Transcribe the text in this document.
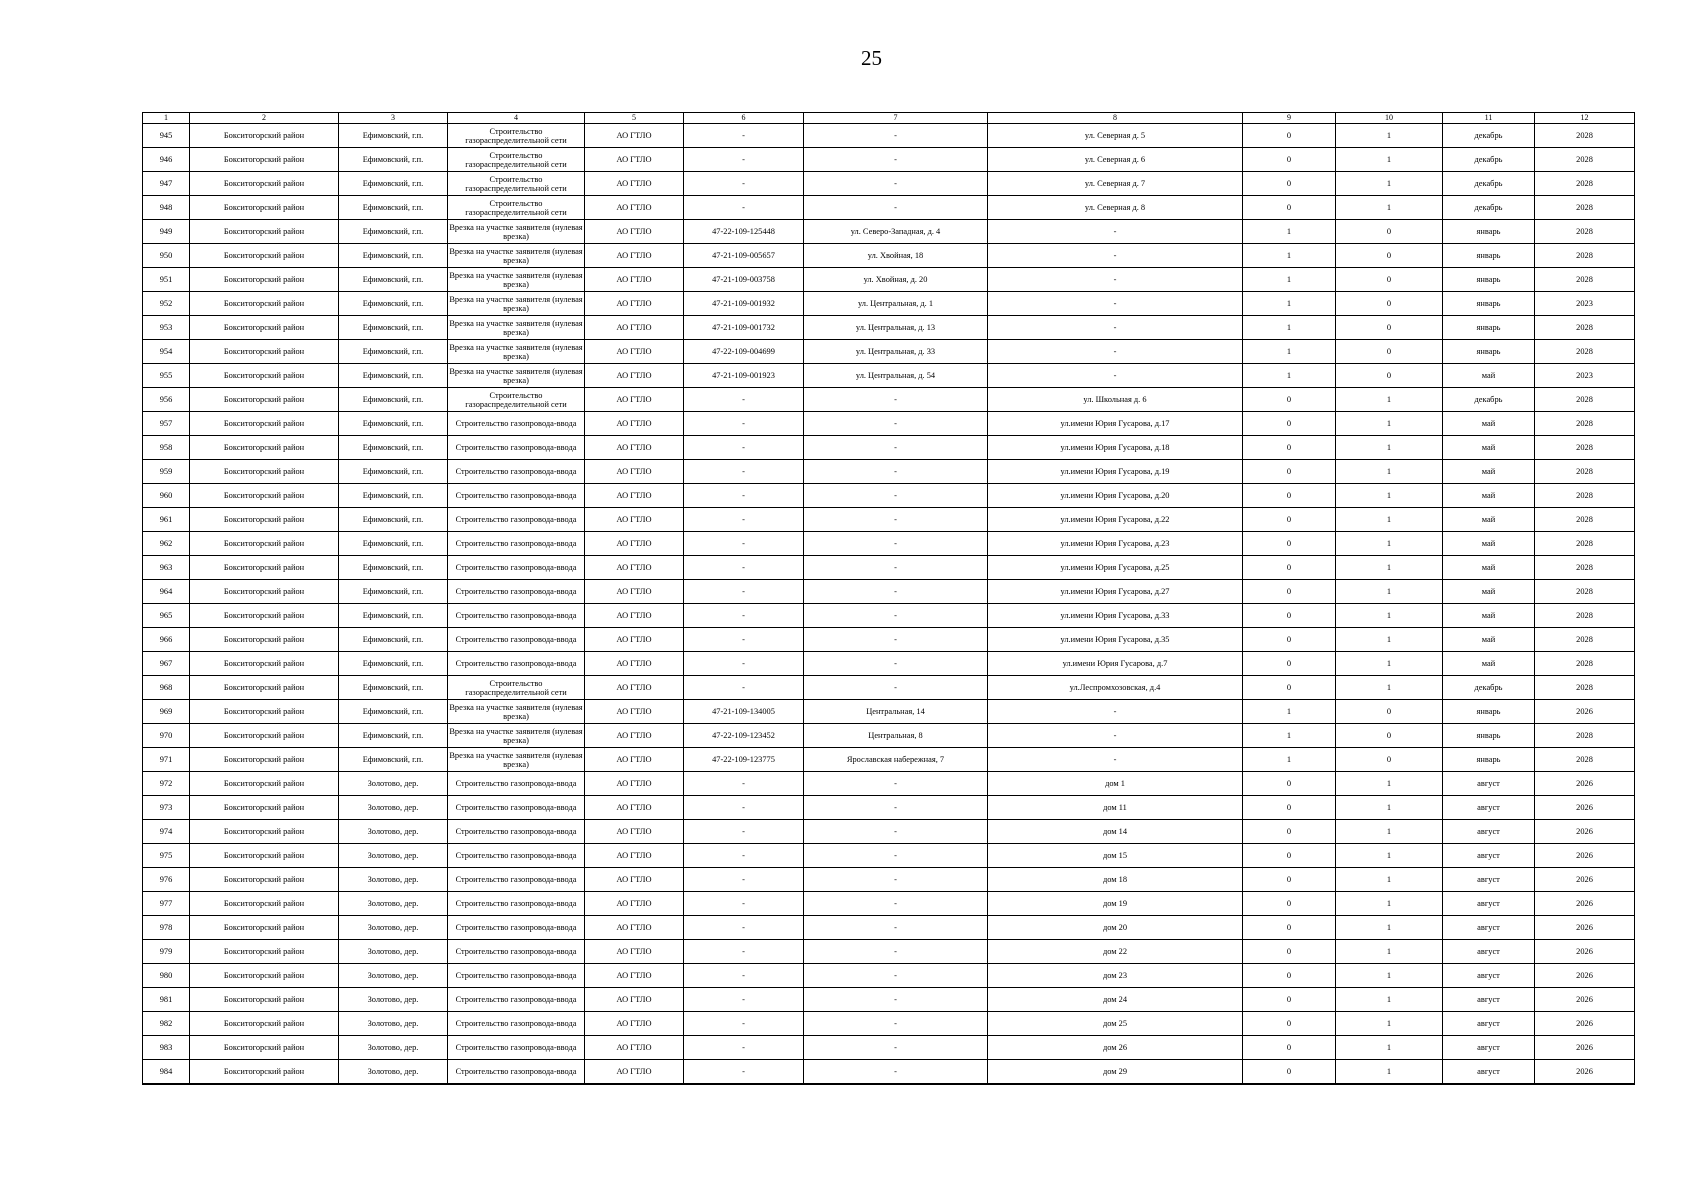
25
1	2	3	4	5	6	7	8	9	10	11	12
945	Бокситогорский район	Ефимовский, г.п.	Строительство газораспределительной сети	АО ГТЛО	-	-	ул. Северная д. 5	0	1	декабрь	2028
946	Бокситогорский район	Ефимовский, г.п.	Строительство газораспределительной сети	АО ГТЛО	-	-	ул. Северная д. 6	0	1	декабрь	2028
947	Бокситогорский район	Ефимовский, г.п.	Строительство газораспределительной сети	АО ГТЛО	-	-	ул. Северная д. 7	0	1	декабрь	2028
948	Бокситогорский район	Ефимовский, г.п.	Строительство газораспределительной сети	АО ГТЛО	-	-	ул. Северная д. 8	0	1	декабрь	2028
949	Бокситогорский район	Ефимовский, г.п.	Врезка на участке заявителя (нулевая врезка)	АО ГТЛО	47-22-109-125448	ул. Северо-Западная, д. 4	-	1	0	январь	2028
950	Бокситогорский район	Ефимовский, г.п.	Врезка на участке заявителя (нулевая врезка)	АО ГТЛО	47-21-109-005657	ул. Хвойная, 18	-	1	0	январь	2028
951	Бокситогорский район	Ефимовский, г.п.	Врезка на участке заявителя (нулевая врезка)	АО ГТЛО	47-21-109-003758	ул. Хвойная, д. 20	-	1	0	январь	2028
952	Бокситогорский район	Ефимовский, г.п.	Врезка на участке заявителя (нулевая врезка)	АО ГТЛО	47-21-109-001932	ул. Центральная, д. 1	-	1	0	январь	2023
953	Бокситогорский район	Ефимовский, г.п.	Врезка на участке заявителя (нулевая врезка)	АО ГТЛО	47-21-109-001732	ул. Центральная, д. 13	-	1	0	январь	2028
954	Бокситогорский район	Ефимовский, г.п.	Врезка на участке заявителя (нулевая врезка)	АО ГТЛО	47-22-109-004699	ул. Центральная, д. 33	-	1	0	январь	2028
955	Бокситогорский район	Ефимовский, г.п.	Врезка на участке заявителя (нулевая врезка)	АО ГТЛО	47-21-109-001923	ул. Центральная, д. 54	-	1	0	май	2023
956	Бокситогорский район	Ефимовский, г.п.	Строительство газораспределительной сети	АО ГТЛО	-	-	ул. Школьная д. 6	0	1	декабрь	2028
957	Бокситогорский район	Ефимовский, г.п.	Строительство газопровода-ввода	АО ГТЛО	-	-	ул.имени Юрия Гусарова, д.17	0	1	май	2028
958	Бокситогорский район	Ефимовский, г.п.	Строительство газопровода-ввода	АО ГТЛО	-	-	ул.имени Юрия Гусарова, д.18	0	1	май	2028
959	Бокситогорский район	Ефимовский, г.п.	Строительство газопровода-ввода	АО ГТЛО	-	-	ул.имени Юрия Гусарова, д.19	0	1	май	2028
960	Бокситогорский район	Ефимовский, г.п.	Строительство газопровода-ввода	АО ГТЛО	-	-	ул.имени Юрия Гусарова, д.20	0	1	май	2028
961	Бокситогорский район	Ефимовский, г.п.	Строительство газопровода-ввода	АО ГТЛО	-	-	ул.имени Юрия Гусарова, д.22	0	1	май	2028
962	Бокситогорский район	Ефимовский, г.п.	Строительство газопровода-ввода	АО ГТЛО	-	-	ул.имени Юрия Гусарова, д.23	0	1	май	2028
963	Бокситогорский район	Ефимовский, г.п.	Строительство газопровода-ввода	АО ГТЛО	-	-	ул.имени Юрия Гусарова, д.25	0	1	май	2028
964	Бокситогорский район	Ефимовский, г.п.	Строительство газопровода-ввода	АО ГТЛО	-	-	ул.имени Юрия Гусарова, д.27	0	1	май	2028
965	Бокситогорский район	Ефимовский, г.п.	Строительство газопровода-ввода	АО ГТЛО	-	-	ул.имени Юрия Гусарова, д.33	0	1	май	2028
966	Бокситогорский район	Ефимовский, г.п.	Строительство газопровода-ввода	АО ГТЛО	-	-	ул.имени Юрия Гусарова, д.35	0	1	май	2028
967	Бокситогорский район	Ефимовский, г.п.	Строительство газопровода-ввода	АО ГТЛО	-	-	ул.имени Юрия Гусарова, д.7	0	1	май	2028
968	Бокситогорский район	Ефимовский, г.п.	Строительство газораспределительной сети	АО ГТЛО	-	-	ул.Леспромхозовская, д.4	0	1	декабрь	2028
969	Бокситогорский район	Ефимовский, г.п.	Врезка на участке заявителя (нулевая врезка)	АО ГТЛО	47-21-109-134005	Центральная, 14	-	1	0	январь	2026
970	Бокситогорский район	Ефимовский, г.п.	Врезка на участке заявителя (нулевая врезка)	АО ГТЛО	47-22-109-123452	Центральная, 8	-	1	0	январь	2028
971	Бокситогорский район	Ефимовский, г.п.	Врезка на участке заявителя (нулевая врезка)	АО ГТЛО	47-22-109-123775	Ярославская набережная, 7	-	1	0	январь	2028
972	Бокситогорский район	Золотово, дер.	Строительство газопровода-ввода	АО ГТЛО	-	-	дом 1	0	1	август	2026
973	Бокситогорский район	Золотово, дер.	Строительство газопровода-ввода	АО ГТЛО	-	-	дом 11	0	1	август	2026
974	Бокситогорский район	Золотово, дер.	Строительство газопровода-ввода	АО ГТЛО	-	-	дом 14	0	1	август	2026
975	Бокситогорский район	Золотово, дер.	Строительство газопровода-ввода	АО ГТЛО	-	-	дом 15	0	1	август	2026
976	Бокситогорский район	Золотово, дер.	Строительство газопровода-ввода	АО ГТЛО	-	-	дом 18	0	1	август	2026
977	Бокситогорский район	Золотово, дер.	Строительство газопровода-ввода	АО ГТЛО	-	-	дом 19	0	1	август	2026
978	Бокситогорский район	Золотово, дер.	Строительство газопровода-ввода	АО ГТЛО	-	-	дом 20	0	1	август	2026
979	Бокситогорский район	Золотово, дер.	Строительство газопровода-ввода	АО ГТЛО	-	-	дом 22	0	1	август	2026
980	Бокситогорский район	Золотово, дер.	Строительство газопровода-ввода	АО ГТЛО	-	-	дом 23	0	1	август	2026
981	Бокситогорский район	Золотово, дер.	Строительство газопровода-ввода	АО ГТЛО	-	-	дом 24	0	1	август	2026
982	Бокситогорский район	Золотово, дер.	Строительство газопровода-ввода	АО ГТЛО	-	-	дом 25	0	1	август	2026
983	Бокситогорский район	Золотово, дер.	Строительство газопровода-ввода	АО ГТЛО	-	-	дом 26	0	1	август	2026
984	Бокситогорский район	Золотово, дер.	Строительство газопровода-ввода	АО ГТЛО	-	-	дом 29	0	1	август	2026
